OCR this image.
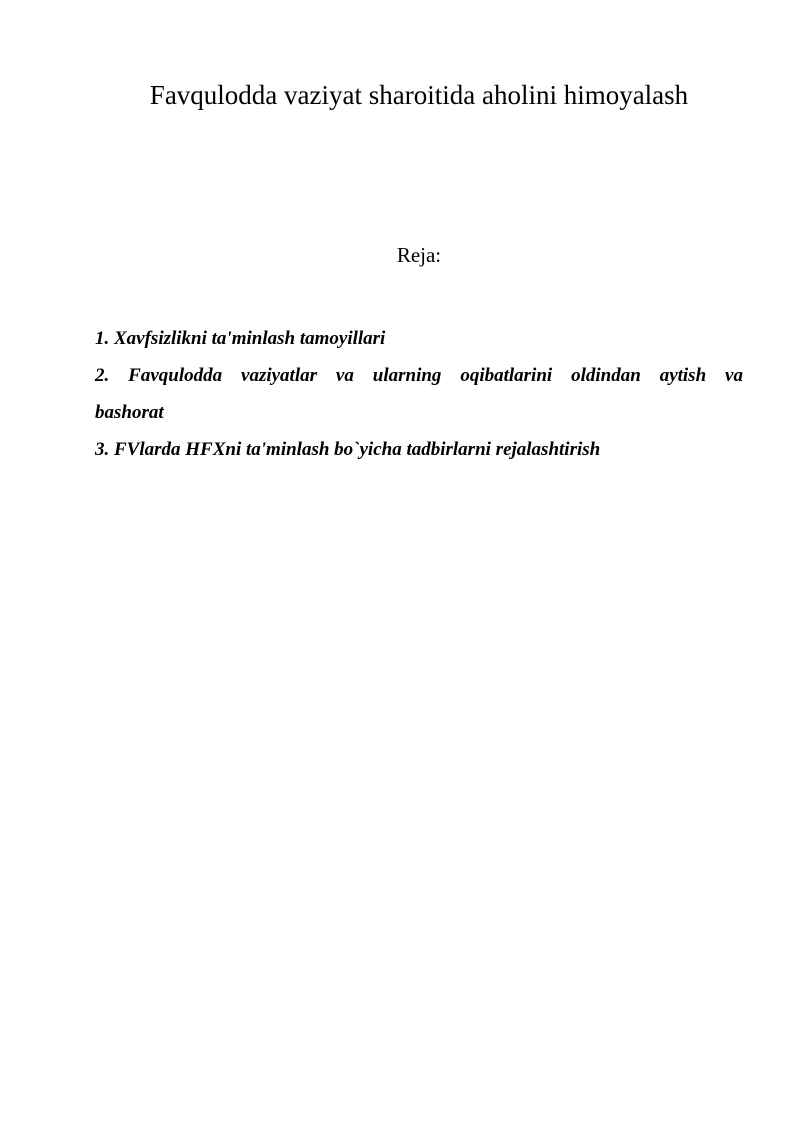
Favqulodda vaziyat sharoitida aholini himoyalash

Reja:

1. Xavfsizlikni ta'minlash tamoyillari

2. Favqulodda vaziyatlar va ularning oqibatlarini oldindan aytish va
bashorat

3. FVlarda HFXni ta'minlash bo`yicha tadbirlarni rejalashtirish
